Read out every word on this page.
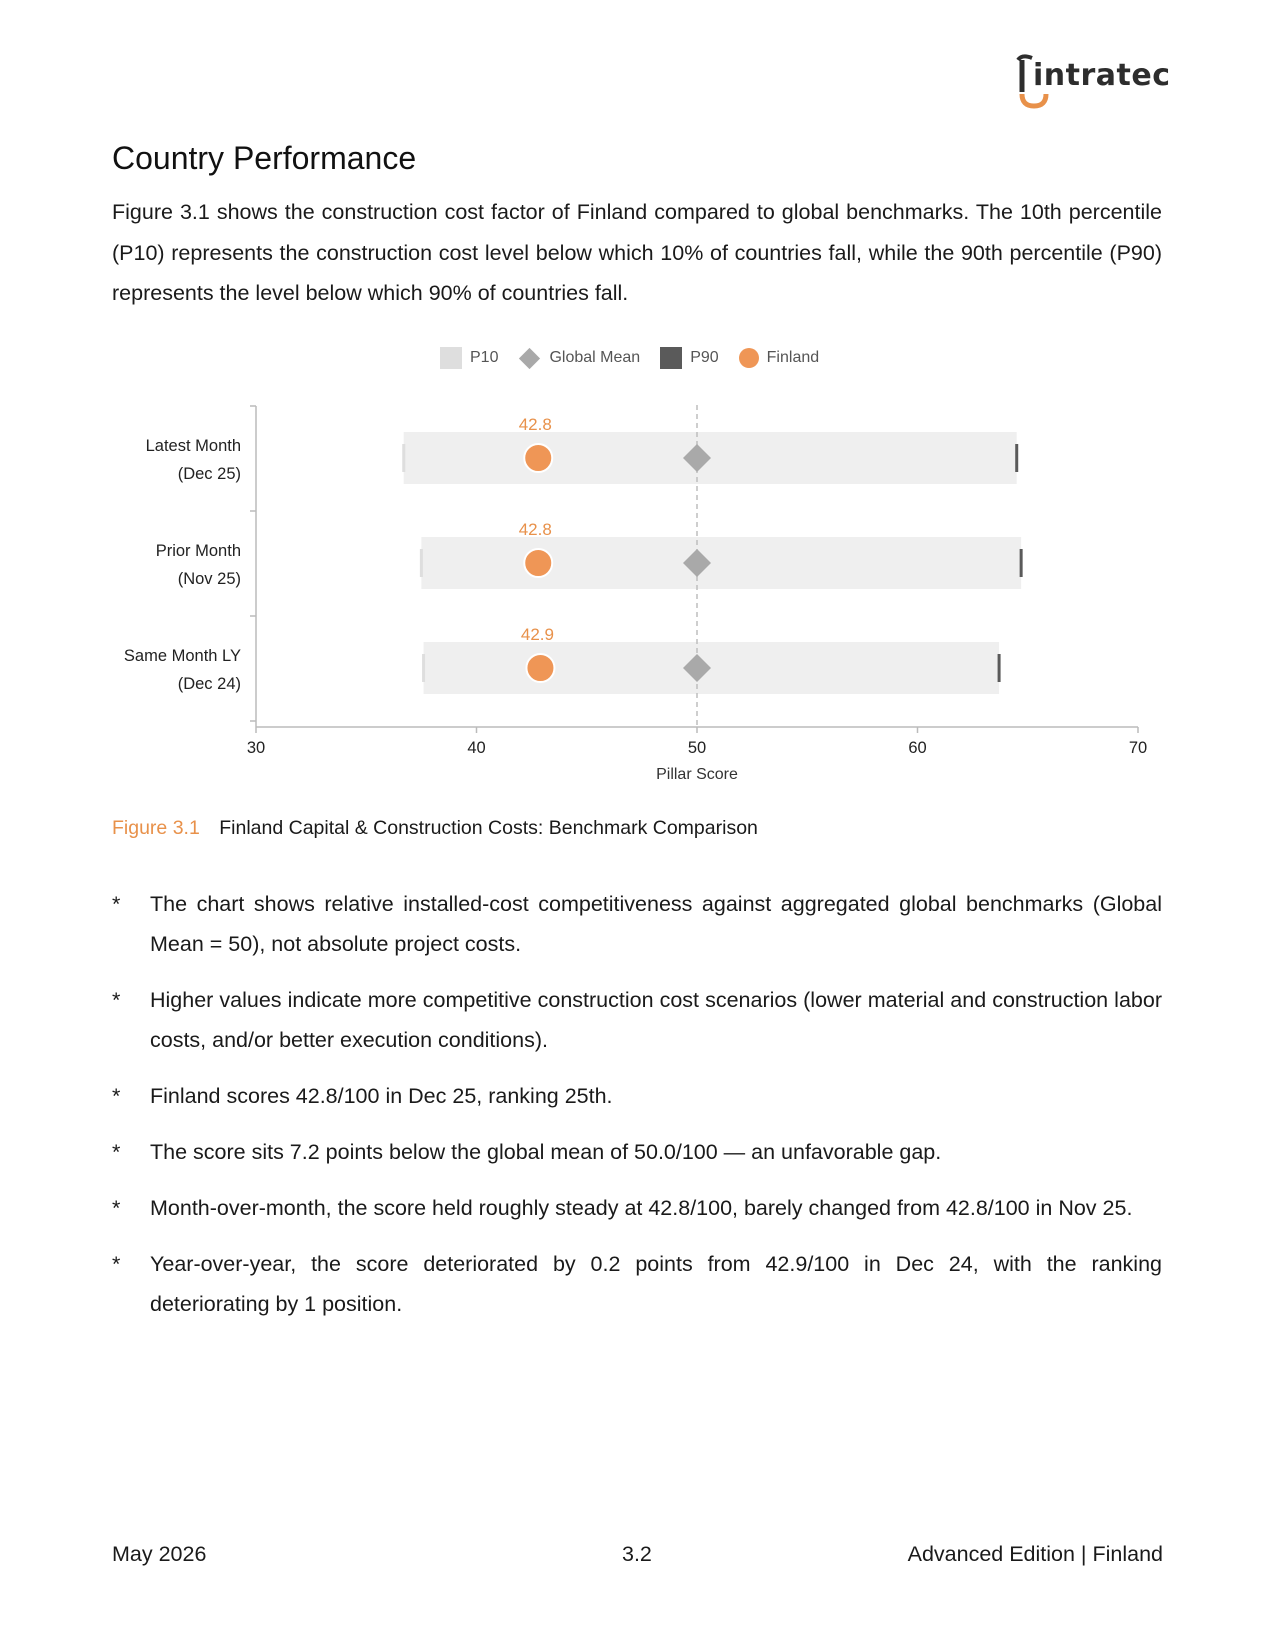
intratec
Country Performance

Figure 3.1 shows the construction cost factor of Finland compared to global benchmarks. The 10th percentile (P10) represents the construction cost level below which 10% of countries fall, while the 90th percentile (P90) represents the level below which 90% of countries fall.

P10	Global Mean	P90	Finland
42.8
Latest Month
(Dec 25)
42.8
Prior Month
(Nov 25)
42.9
Same Month LY
(Dec 24)
30	40	50	60	70
Pillar Score
Figure 3.1 Finland Capital & Construction Costs: Benchmark Comparison
* The chart shows relative installed-cost competitiveness against aggregated global benchmarks (Global Mean = 50), not absolute project costs.
* Higher values indicate more competitive construction cost scenarios (lower material and construction labor costs, and/or better execution conditions).
* Finland scores 42.8/100 in Dec 25, ranking 25th.
* The score sits 7.2 points below the global mean of 50.0/100 — an unfavorable gap.
* Month-over-month, the score held roughly steady at 42.8/100, barely changed from 42.8/100 in Nov 25.
* Year-over-year, the score deteriorated by 0.2 points from 42.9/100 in Dec 24, with the ranking deteriorating by 1 position.
May 2026	3.2	Advanced Edition | Finland
